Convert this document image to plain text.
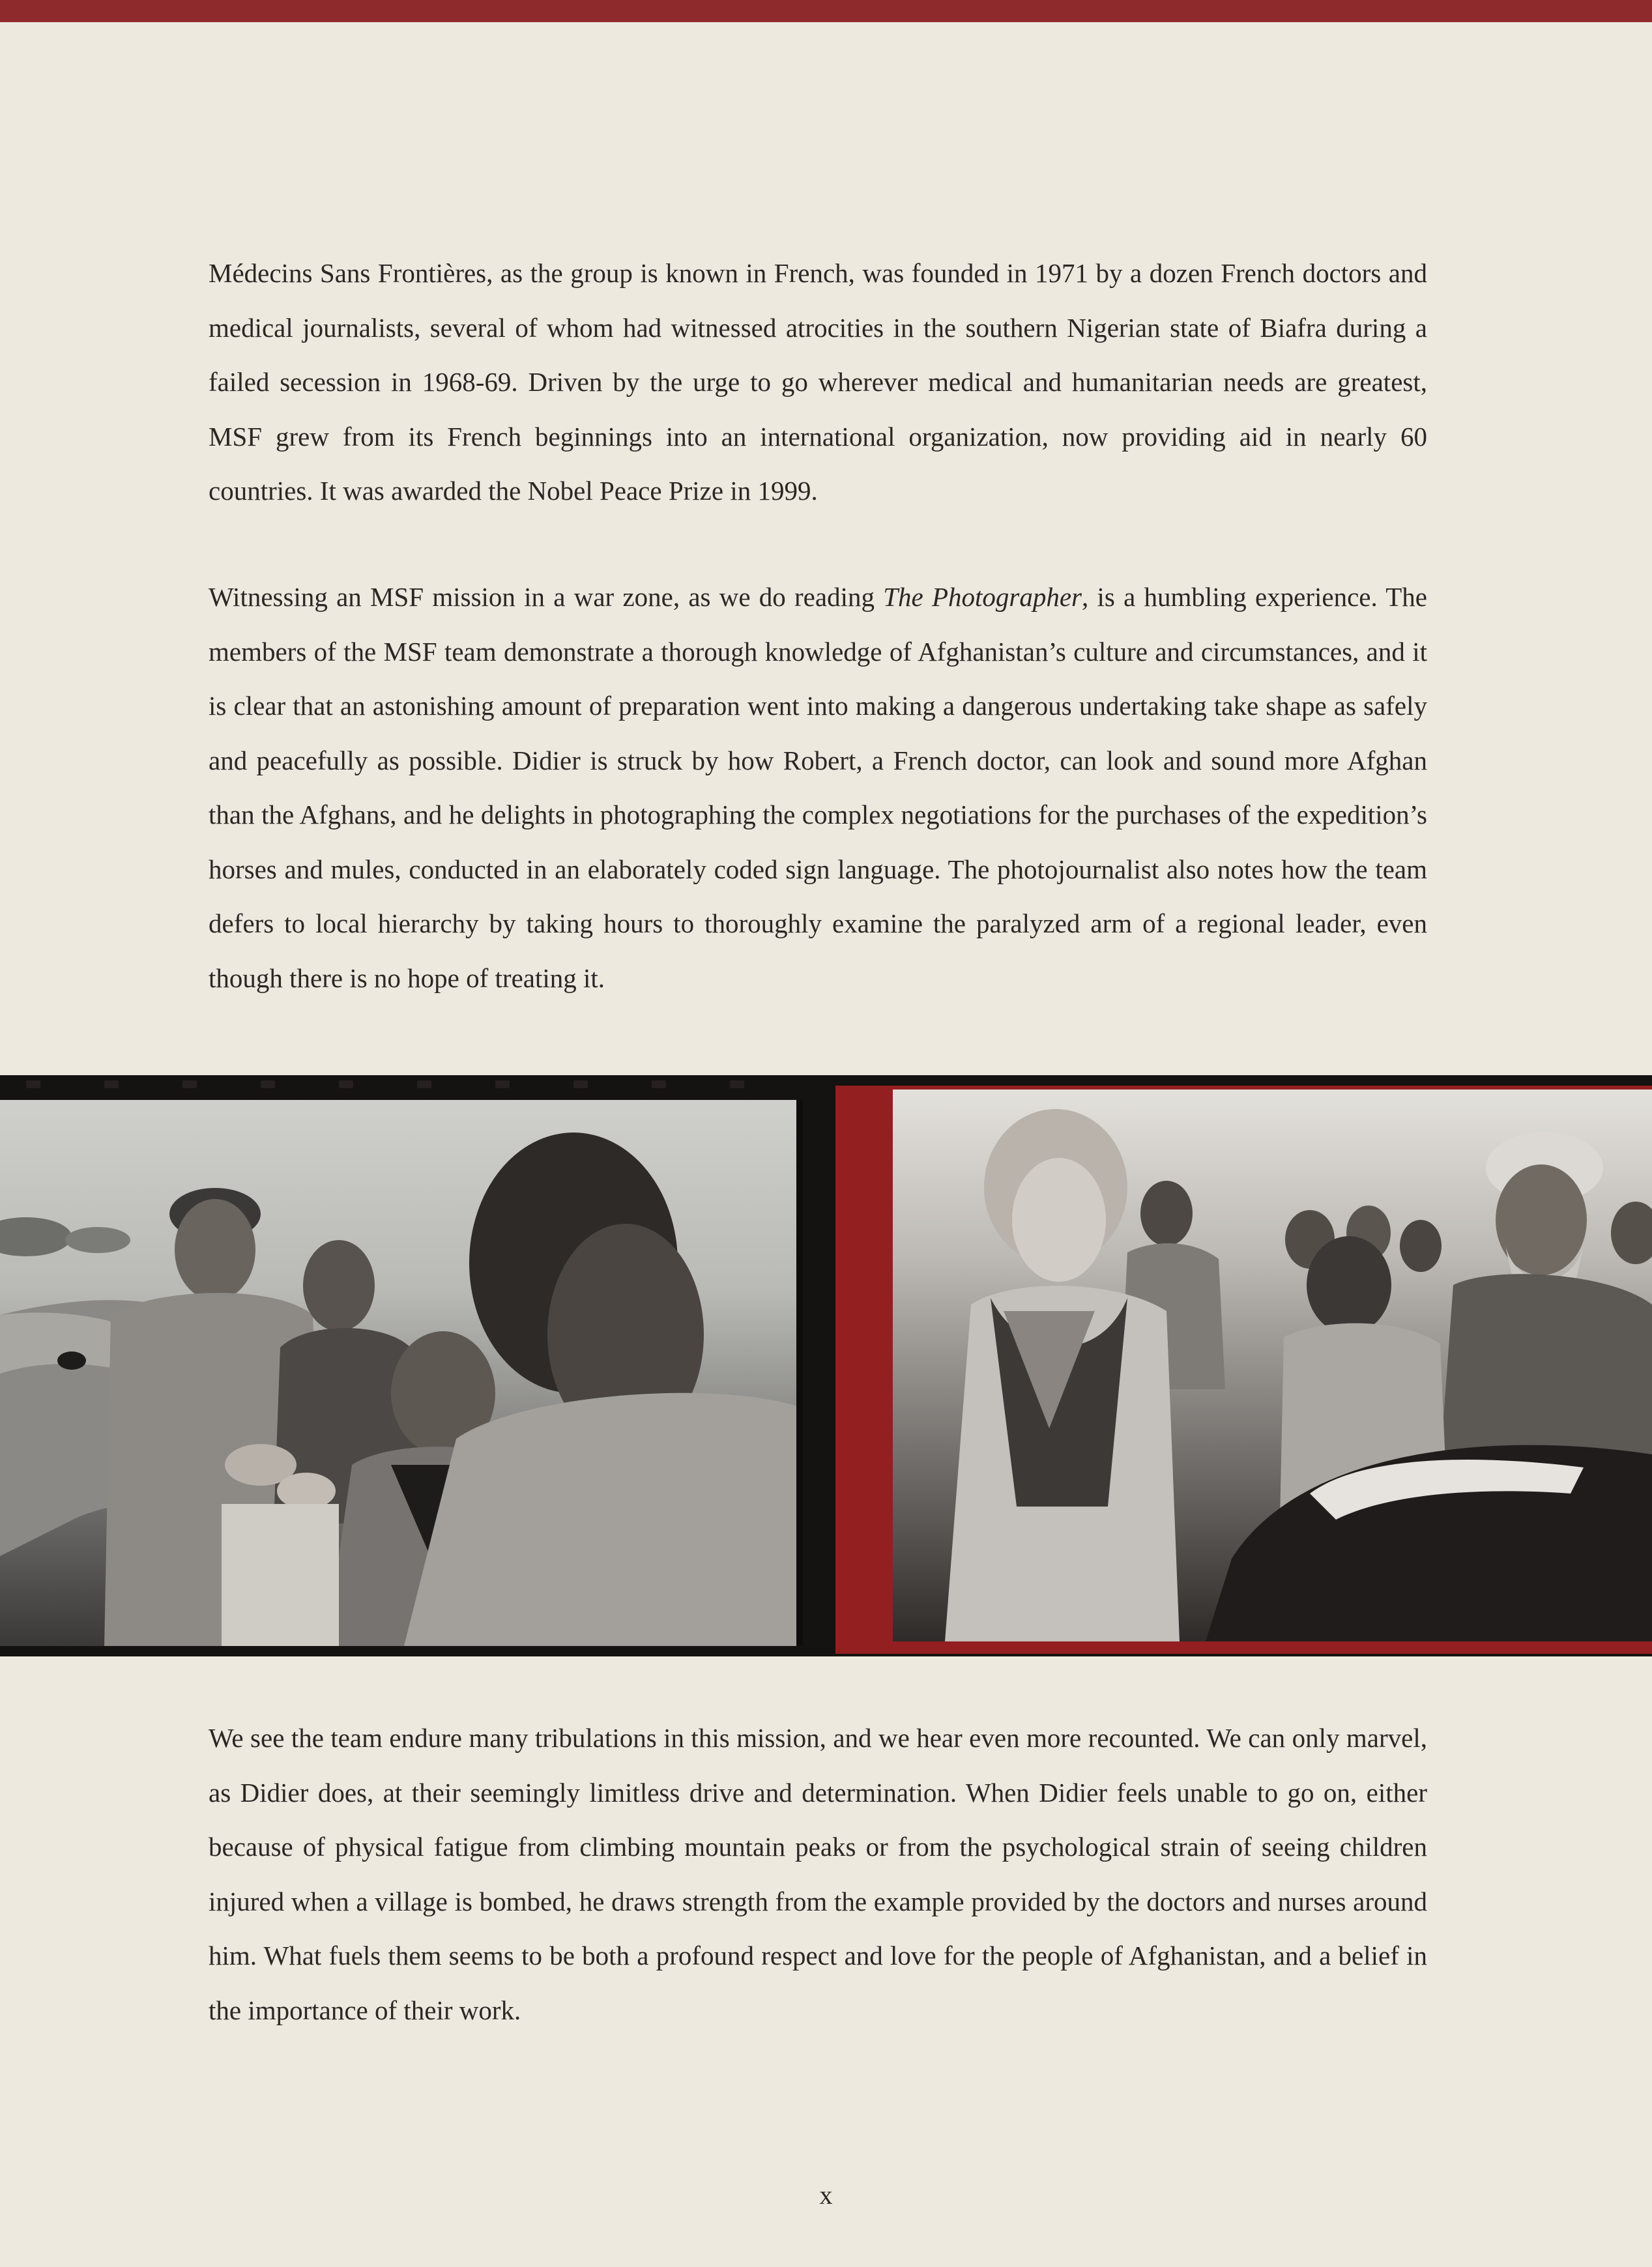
Médecins Sans Frontières, as the group is known in French, was founded in 1971 by a dozen French doctors and medical journalists, several of whom had witnessed atrocities in the southern Nigerian state of Biafra during a failed secession in 1968-69. Driven by the urge to go wherever medical and humanitarian needs are greatest, MSF grew from its French beginnings into an international organization, now providing aid in nearly 60 countries. It was awarded the Nobel Peace Prize in 1999.

Witnessing an MSF mission in a war zone, as we do reading The Photographer, is a humbling experience. The members of the MSF team demonstrate a thorough knowledge of Afghanistan’s culture and circumstances, and it is clear that an astonishing amount of preparation went into making a dangerous undertaking take shape as safely and peacefully as possible. Didier is struck by how Robert, a French doctor, can look and sound more Afghan than the Afghans, and he delights in photographing the complex negotiations for the purchases of the expedition’s horses and mules, conducted in an elaborately coded sign language. The photojournalist also notes how the team defers to local hierarchy by taking hours to thoroughly examine the paralyzed arm of a regional leader, even though there is no hope of treating it.

We see the team endure many tribulations in this mission, and we hear even more recounted. We can only marvel, as Didier does, at their seemingly limitless drive and determination. When Didier feels unable to go on, either because of physical fatigue from climbing mountain peaks or from the psychological strain of seeing children injured when a village is bombed, he draws strength from the example provided by the doctors and nurses around him. What fuels them seems to be both a profound respect and love for the people of Afghanistan, and a belief in the importance of their work.

x
